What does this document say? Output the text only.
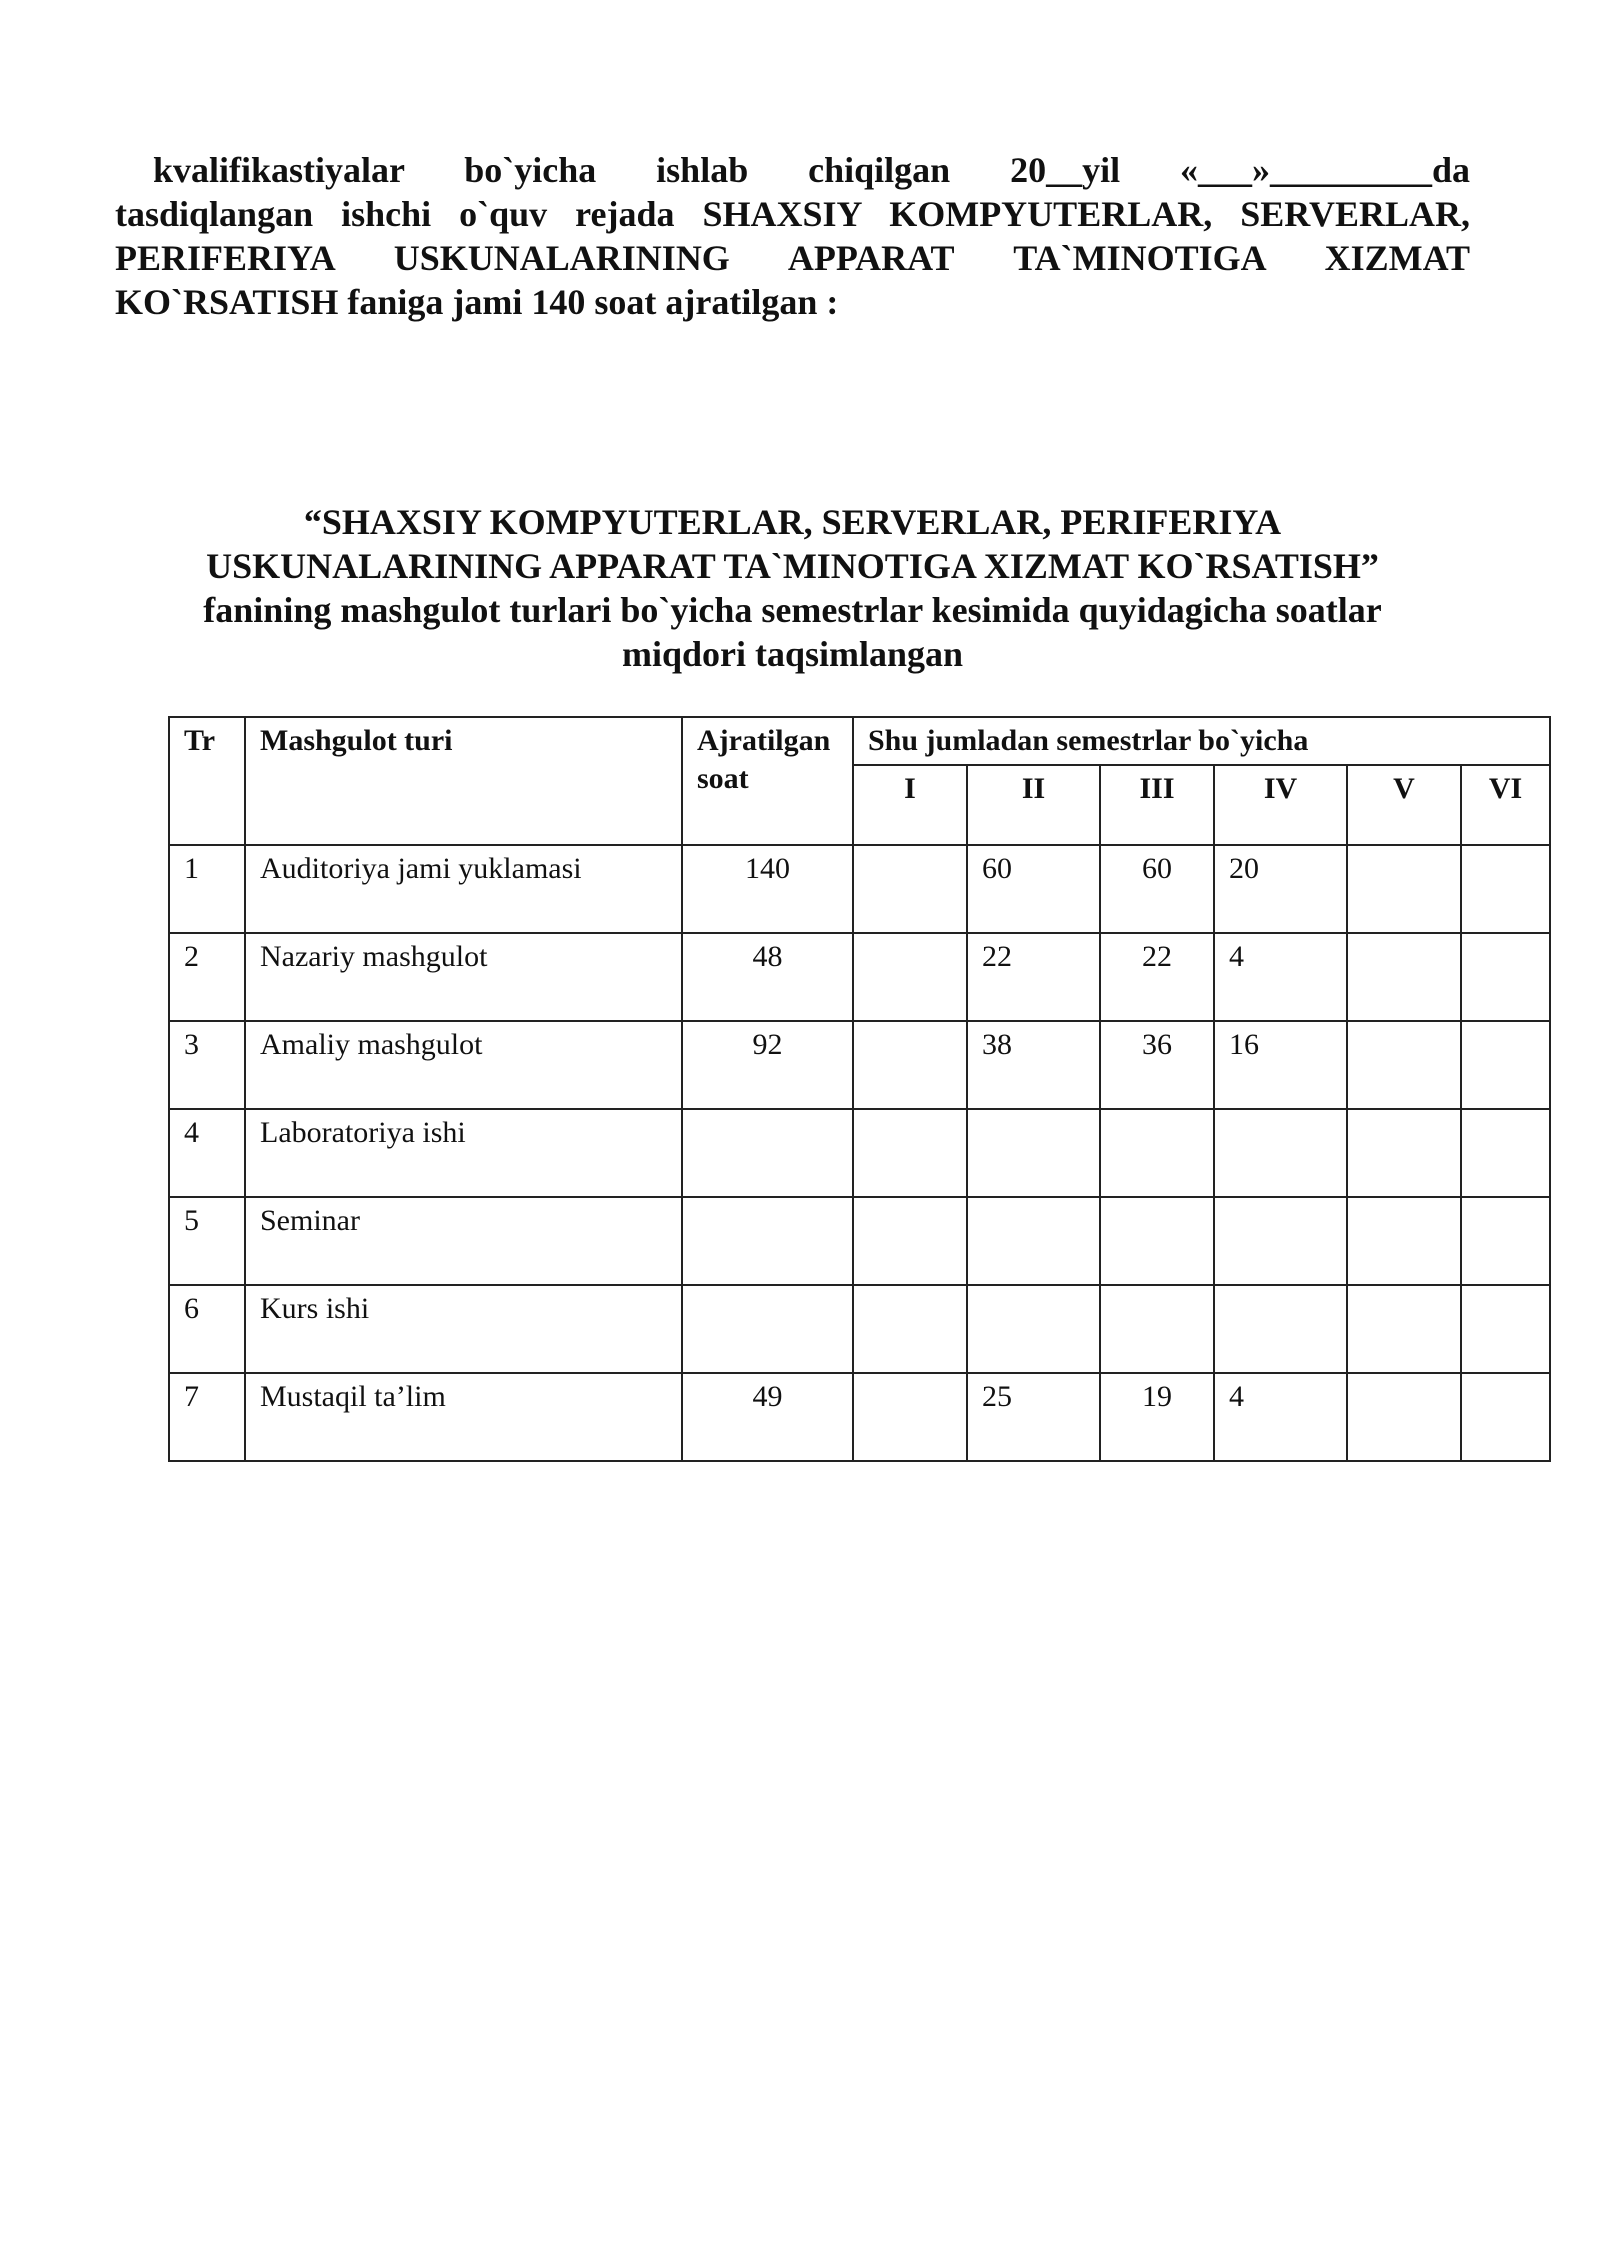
kvalifikastiyalar bo`yicha ishlab chiqilgan 20__yil «___»_________da
tasdiqlangan ishchi o`quv rejada SHAXSIY KOMPYUTERLAR, SERVERLAR,
PERIFERIYA USKUNALARINING APPARAT TA`MINOTIGA XIZMAT
KO`RSATISH faniga jami 140 soat ajratilgan :
“SHAXSIY KOMPYUTERLAR, SERVERLAR, PERIFERIYA
USKUNALARINING APPARAT TA`MINOTIGA XIZMAT KO`RSATISH”
fanining mashgulot turlari bo`yicha semestrlar kesimida quyidagicha soatlar
miqdori taqsimlangan
Tr	Mashgulot turi	Ajratilgan soat	Shu jumladan semestrlar bo`yicha					
			I	II	III	IV	V	VI
1	Auditoriya jami yuklamasi	140		60	60	20		
2	Nazariy mashgulot	48		22	22	4		
3	Amaliy mashgulot	92		38	36	16		
4	Laboratoriya ishi							
5	Seminar							
6	Kurs ishi							
7	Mustaqil ta’lim	49		25	19	4		
